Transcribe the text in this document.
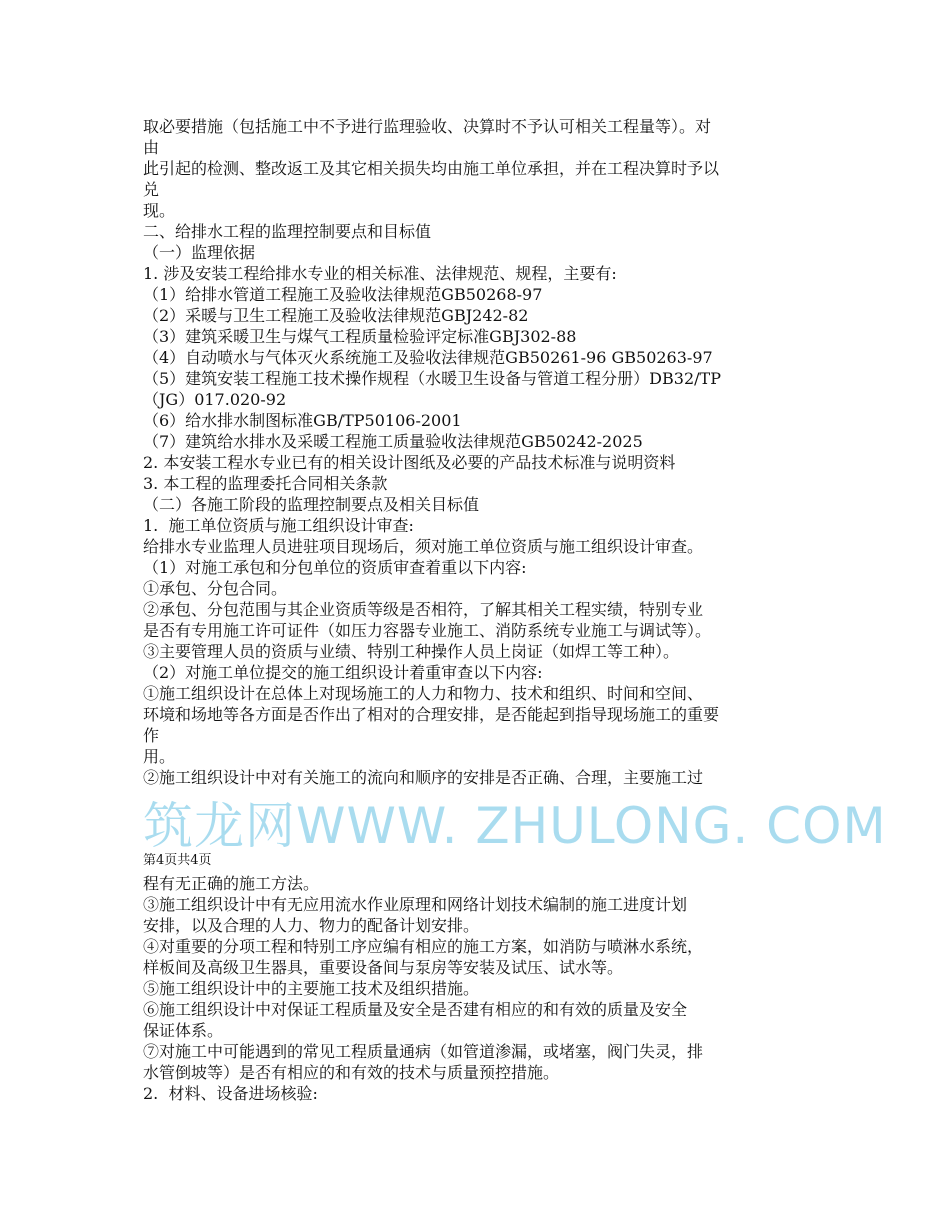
取必要措施（包括施工中不予进行监理验收、决算时不予认可相关工程量等）。对
由
此引起的检测、整改返工及其它相关损失均由施工单位承担，并在工程决算时予以
兑
现。
二、给排水工程的监理控制要点和目标值
（一）监理依据
1. 涉及安装工程给排水专业的相关标准、法律规范、规程，主要有:
（1）给排水管道工程施工及验收法律规范GB50268-97
（2）采暖与卫生工程施工及验收法律规范GBJ242-82
（3）建筑采暖卫生与煤气工程质量检验评定标准GBJ302-88
（4）自动喷水与气体灭火系统施工及验收法律规范GB50261-96 GB50263-97
（5）建筑安装工程施工技术操作规程（水暖卫生设备与管道工程分册）DB32/TP
（JG）017.020-92
（6）给水排水制图标准GB/TP50106-2001
（7）建筑给水排水及采暖工程施工质量验收法律规范GB50242-2025
2. 本安装工程水专业已有的相关设计图纸及必要的产品技术标准与说明资料
3. 本工程的监理委托合同相关条款
（二）各施工阶段的监理控制要点及相关目标值
1.  施工单位资质与施工组织设计审查:
给排水专业监理人员进驻项目现场后，须对施工单位资质与施工组织设计审查。
（1）对施工承包和分包单位的资质审查着重以下内容:
①承包、分包合同。
②承包、分包范围与其企业资质等级是否相符，了解其相关工程实绩，特别专业
是否有专用施工许可证件（如压力容器专业施工、消防系统专业施工与调试等）。
③主要管理人员的资质与业绩、特别工种操作人员上岗证（如焊工等工种）。
（2）对施工单位提交的施工组织设计着重审查以下内容:
①施工组织设计在总体上对现场施工的人力和物力、技术和组织、时间和空间、
环境和场地等各方面是否作出了相对的合理安排，是否能起到指导现场施工的重要
作
用。
②施工组织设计中对有关施工的流向和顺序的安排是否正确、合理，主要施工过
筑龙网WWW. ZHULONG. COM
第4页共4页
程有无正确的施工方法。
③施工组织设计中有无应用流水作业原理和网络计划技术编制的施工进度计划
安排，以及合理的人力、物力的配备计划安排。
④对重要的分项工程和特别工序应编有相应的施工方案，如消防与喷淋水系统，
样板间及高级卫生器具，重要设备间与泵房等安装及试压、试水等。
⑤施工组织设计中的主要施工技术及组织措施。
⑥施工组织设计中对保证工程质量及安全是否建有相应的和有效的质量及安全
保证体系。
⑦对施工中可能遇到的常见工程质量通病（如管道渗漏，或堵塞，阀门失灵，排
水管倒坡等）是否有相应的和有效的技术与质量预控措施。
2.  材料、设备进场核验:
